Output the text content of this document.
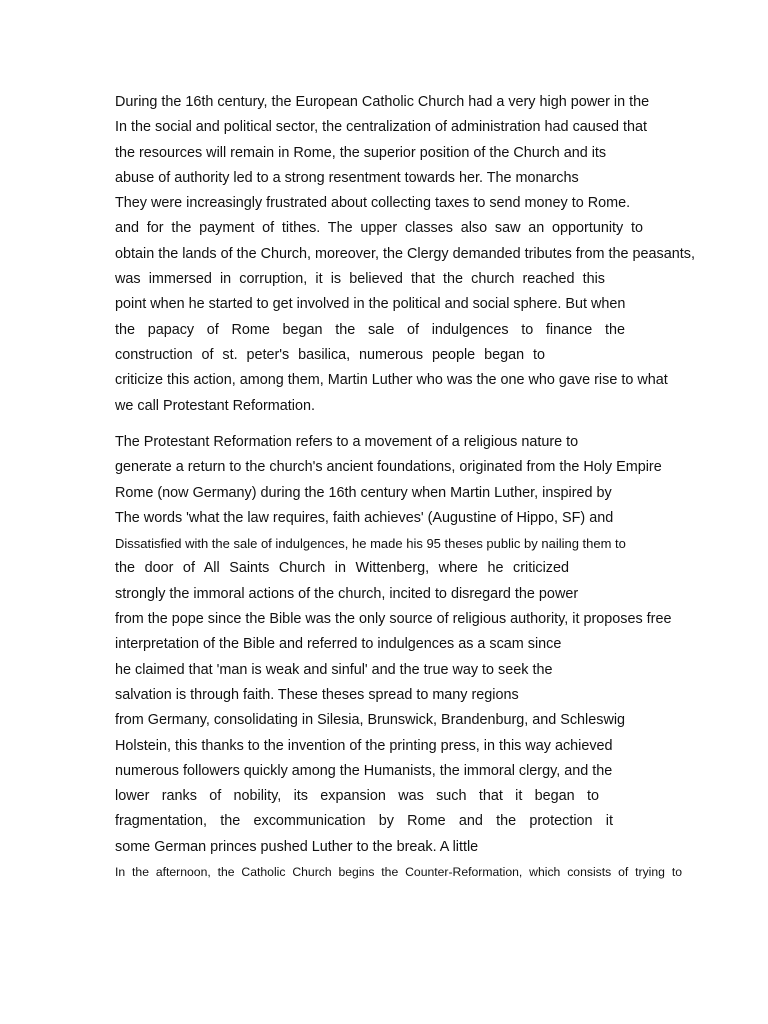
During the 16th century, the European Catholic Church had a very high power in the
In the social and political sector, the centralization of administration had caused that
the resources will remain in Rome, the superior position of the Church and its
abuse of authority led to a strong resentment towards her. The monarchs
They were increasingly frustrated about collecting taxes to send money to Rome.
and for the payment of tithes. The upper classes also saw an opportunity to
obtain the lands of the Church, moreover, the Clergy demanded tributes from the peasants,
was immersed in corruption, it is believed that the church reached this
point when he started to get involved in the political and social sphere. But when
the papacy of Rome began the sale of indulgences to finance the
construction of st. peter's basilica, numerous people began to
criticize this action, among them, Martin Luther who was the one who gave rise to what
we call Protestant Reformation.
The Protestant Reformation refers to a movement of a religious nature to
generate a return to the church's ancient foundations, originated from the Holy Empire
Rome (now Germany) during the 16th century when Martin Luther, inspired by
The words 'what the law requires, faith achieves' (Augustine of Hippo, SF) and
Dissatisfied with the sale of indulgences, he made his 95 theses public by nailing them to
the door of All Saints Church in Wittenberg, where he criticized
strongly the immoral actions of the church, incited to disregard the power
from the pope since the Bible was the only source of religious authority, it proposes free
interpretation of the Bible and referred to indulgences as a scam since
he claimed that 'man is weak and sinful' and the true way to seek the
salvation is through faith. These theses spread to many regions
from Germany, consolidating in Silesia, Brunswick, Brandenburg, and Schleswig
Holstein, this thanks to the invention of the printing press, in this way achieved
numerous followers quickly among the Humanists, the immoral clergy, and the
lower ranks of nobility, its expansion was such that it began to
fragmentation, the excommunication by Rome and the protection it
some German princes pushed Luther to the break. A little
In the afternoon, the Catholic Church begins the Counter-Reformation, which consists of trying to
